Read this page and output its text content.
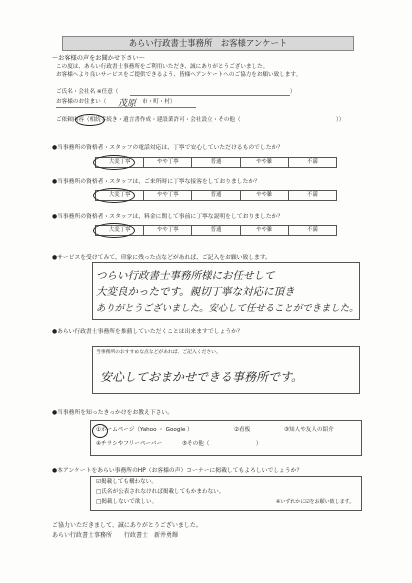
あらい行政書士事務所　お客様アンケート
～お客様の声をお聞かせ下さい～
この度は、あらい行政書士事務所をご利用いただき、誠にありがとうございました。
お客様へより良いサービスをご提供できるよう、皆様へアンケートへのご協力をお願い致します。
ご氏名・会社名 ※任意（	）
お客様のお住まい（ 茂原 市・町・村）
ご依頼内容（相続手続き・遺言書作成・建設業許可・会社設立・その他（	））
●当事務所の資格者・スタッフの電話対応は、丁寧で安心していただけるものでしたか？
大変丁寧	やや丁寧	普通	やや雑	不満
●当事務所の資格者・スタッフは、ご来所時に丁寧な接客をしておりましたか？
大変丁寧	やや丁寧	普通	やや雑	不満
●当事務所の資格者・スタッフは、料金に関して事前に丁寧な説明をしておりましたか？
大変丁寧	やや丁寧	普通	やや雑	不満
●サービスを受けてみて、印象に残った点などがあれば、ご記入をお願い致します。
つらい行政書士事務所様にお任せして
大変良かったです。親切丁寧な対応に頂き
ありがとうございました。安心して任せることができました。
●あらい行政書士事務所を推薦していただくことは出来ますでしょうか？
当事務所のおすすめな点などがあれば、ご記入ください。
安心しておまかせできる事務所です。
●当事務所を知ったきっかけをお教え下さい。
①ホームページ（Yahoo ・ Google ）	②看板	③知人や友人の紹介
④チラシやフリーペーパー	⑤その他（	）
●本アンケートをあらい事務所のHP（お客様の声）コーナーに掲載してもよろしいでしょうか？
☑掲載しても構わない。
□氏名が公表されなければ掲載してもかまわない。
□掲載しないで欲しい。	※いずれかに☑をお願い致します。
ご協力いただきまして、誠にありがとうございました。
あらい行政書士事務所　　行政書士　新井勇輝
